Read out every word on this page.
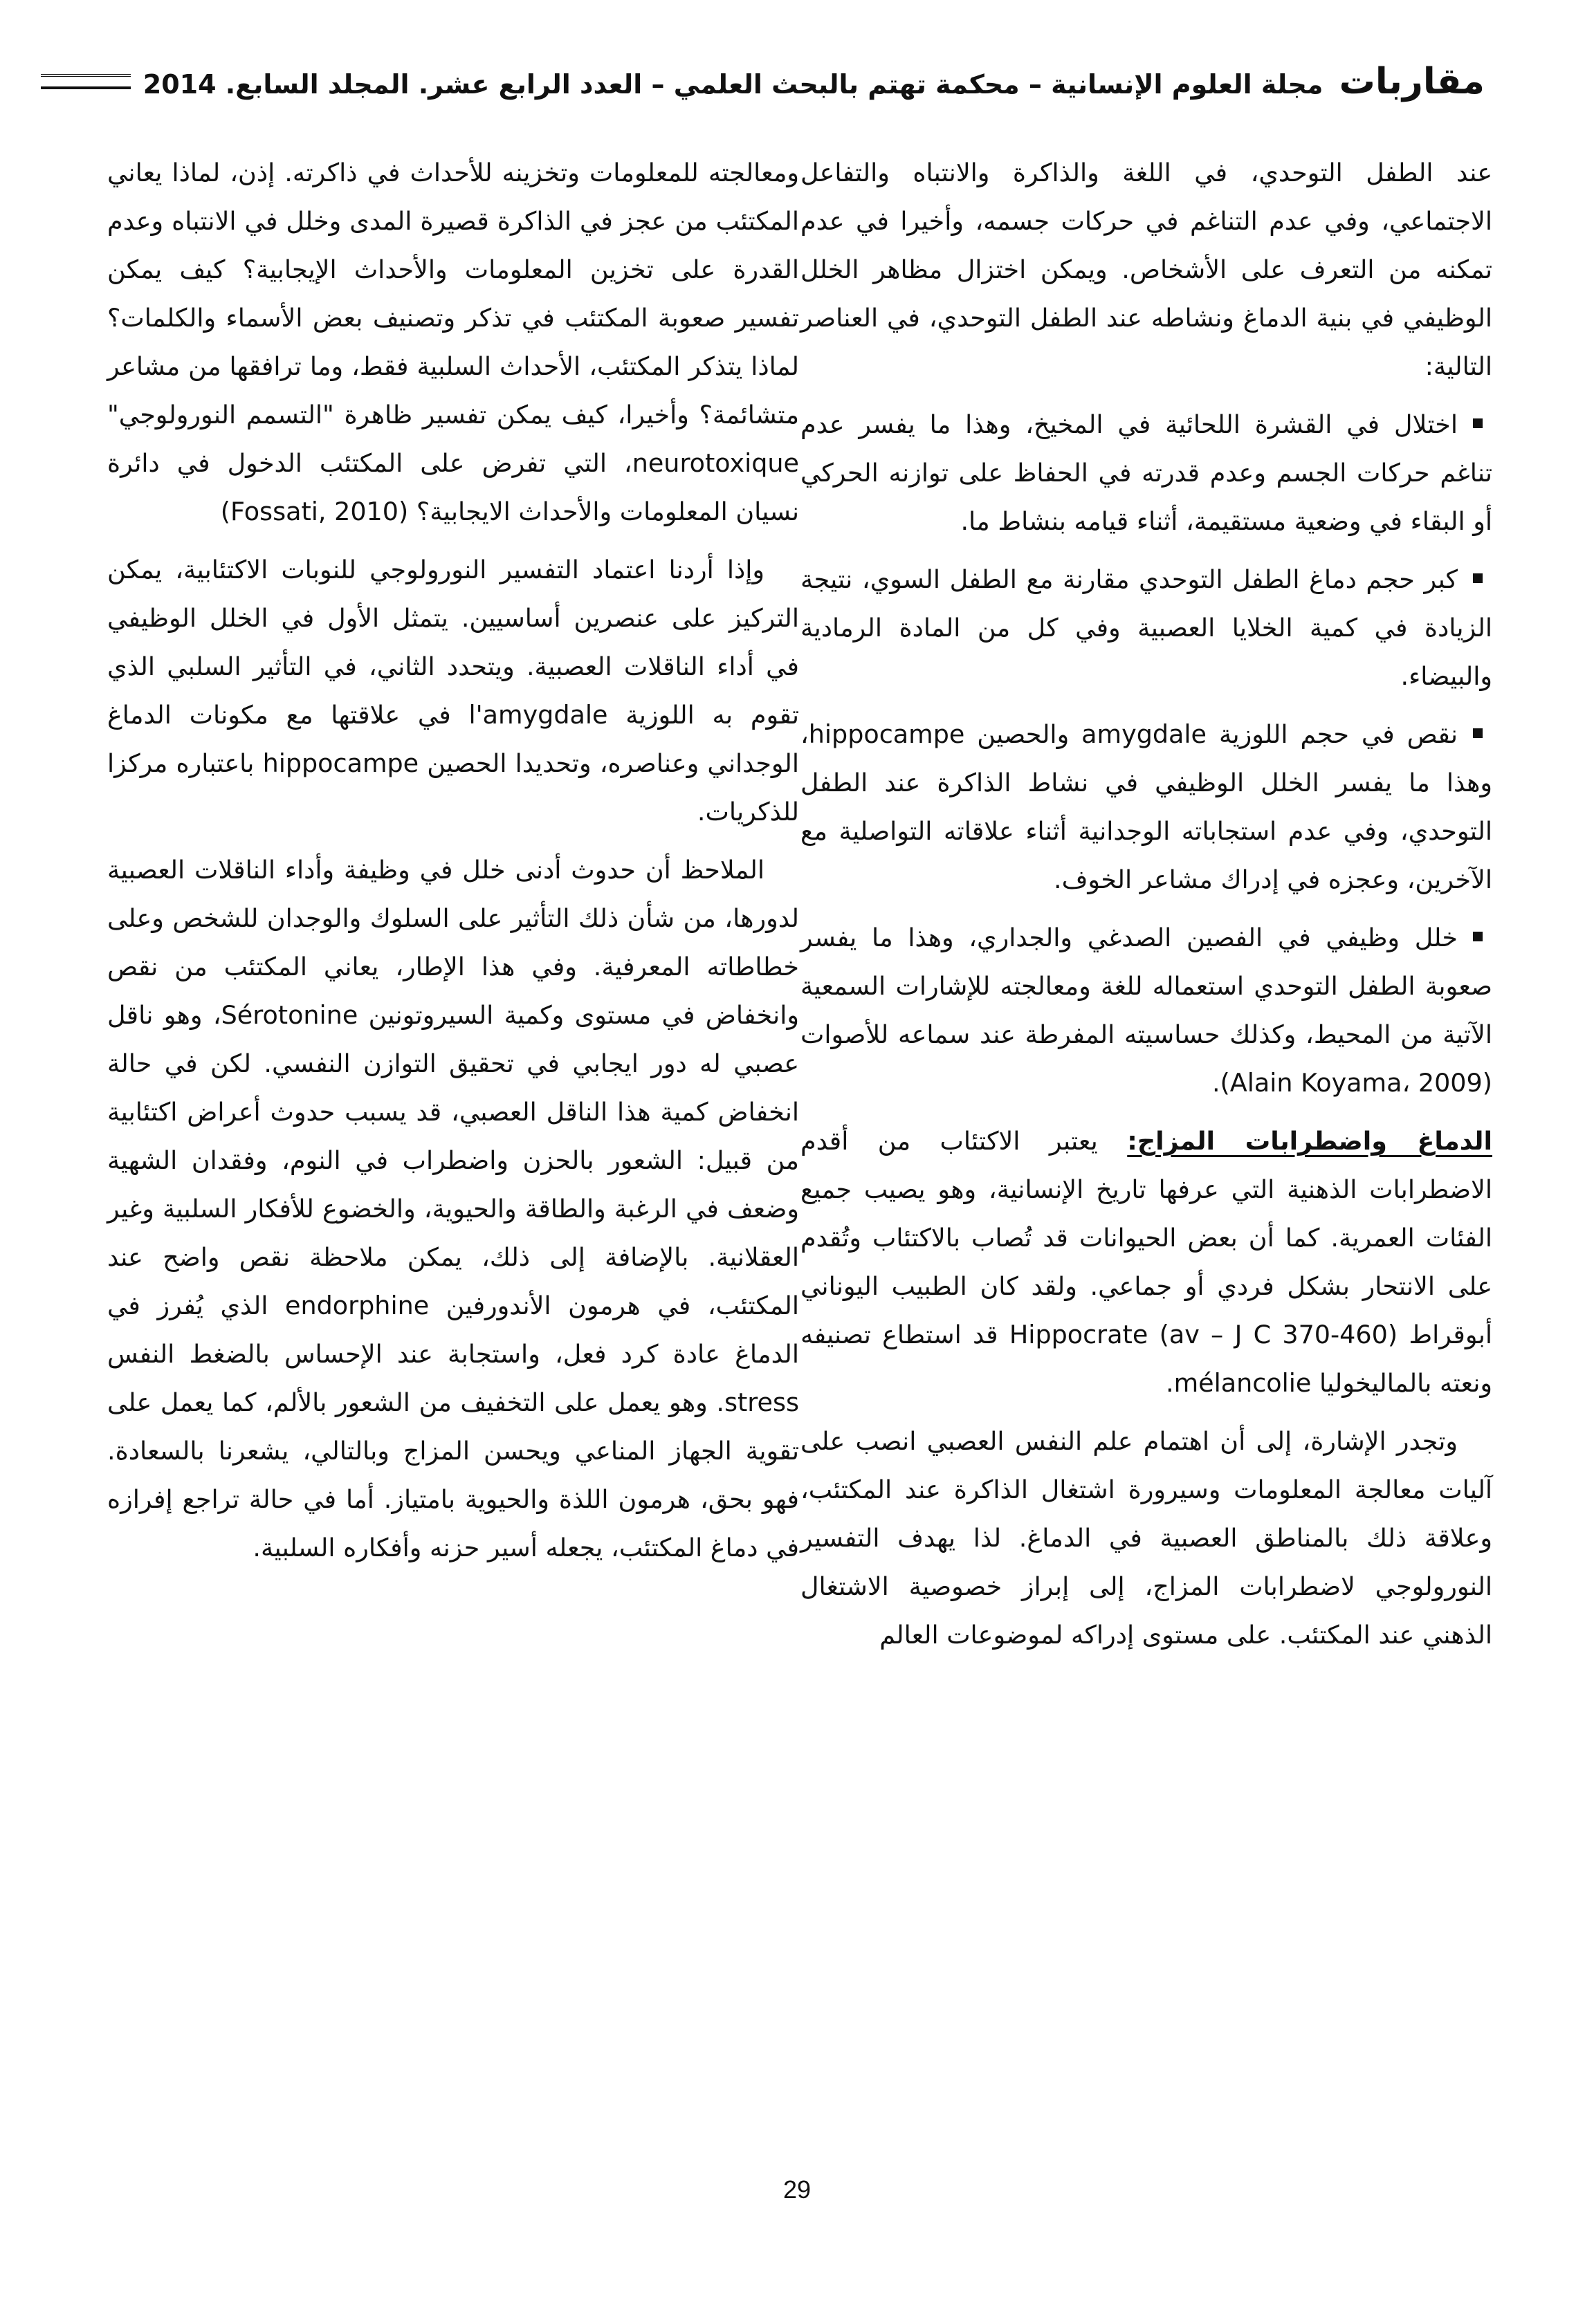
مقاربات مجلة العلوم الإنسانية – محكمة تهتم بالبحث العلمي – العدد الرابع عشر. المجلد السابع. 2014

عند الطفل التوحدي، في اللغة والذاكرة والانتباه والتفاعل الاجتماعي، وفي عدم التناغم في حركات جسمه، وأخيرا في عدم تمكنه من التعرف على الأشخاص. ويمكن اختزال مظاهر الخلل الوظيفي في بنية الدماغ ونشاطه عند الطفل التوحدي، في العناصر التالية:

اختلال في القشرة اللحائية في المخيخ، وهذا ما يفسر عدم تناغم حركات الجسم وعدم قدرته في الحفاظ على توازنه الحركي أو البقاء في وضعية مستقيمة، أثناء قيامه بنشاط ما.

كبر حجم دماغ الطفل التوحدي مقارنة مع الطفل السوي، نتيجة الزيادة في كمية الخلايا العصبية وفي كل من المادة الرمادية والبيضاء.

نقص في حجم اللوزية amygdale والحصين hippocampe، وهذا ما يفسر الخلل الوظيفي في نشاط الذاكرة عند الطفل التوحدي، وفي عدم استجاباته الوجدانية أثناء علاقاته التواصلية مع الآخرين، وعجزه في إدراك مشاعر الخوف.

خلل وظيفي في الفصين الصدغي والجداري، وهذا ما يفسر صعوبة الطفل التوحدي استعماله للغة ومعالجته للإشارات السمعية الآتية من المحيط، وكذلك حساسيته المفرطة عند سماعه للأصوات (Alain Koyama، 2009).

الدماغ واضطرابات المزاج: يعتبر الاكتئاب من أقدم الاضطرابات الذهنية التي عرفها تاريخ الإنسانية، وهو يصيب جميع الفئات العمرية. كما أن بعض الحيوانات قد تُصاب بالاكتئاب وتُقدم على الانتحار بشكل فردي أو جماعي. ولقد كان الطبيب اليوناني أبوقراط Hippocrate (av – J C 370-460) قد استطاع تصنيفه ونعته بالماليخوليا mélancolie.

وتجدر الإشارة، إلى أن اهتمام علم النفس العصبي انصب على آليات معالجة المعلومات وسيرورة اشتغال الذاكرة عند المكتئب، وعلاقة ذلك بالمناطق العصبية في الدماغ. لذا يهدف التفسير النورولوجي لاضطرابات المزاج، إلى إبراز خصوصية الاشتغال الذهني عند المكتئب. على مستوى إدراكه لموضوعات العالم

ومعالجته للمعلومات وتخزينه للأحداث في ذاكرته. إذن، لماذا يعاني المكتئب من عجز في الذاكرة قصيرة المدى وخلل في الانتباه وعدم القدرة على تخزين المعلومات والأحداث الإيجابية؟ كيف يمكن تفسير صعوبة المكتئب في تذكر وتصنيف بعض الأسماء والكلمات؟ لماذا يتذكر المكتئب، الأحداث السلبية فقط، وما ترافقها من مشاعر متشائمة؟ وأخيرا، كيف يمكن تفسير ظاهرة "التسمم النورولوجي" neurotoxique، التي تفرض على المكتئب الدخول في دائرة نسيان المعلومات والأحداث الايجابية؟ (Fossati, 2010)

وإذا أردنا اعتماد التفسير النورولوجي للنوبات الاكتئابية، يمكن التركيز على عنصرين أساسيين. يتمثل الأول في الخلل الوظيفي في أداء الناقلات العصبية. ويتحدد الثاني، في التأثير السلبي الذي تقوم به اللوزية l'amygdale في علاقتها مع مكونات الدماغ الوجداني وعناصره، وتحديدا الحصين hippocampe باعتباره مركزا للذكريات.

الملاحظ أن حدوث أدنى خلل في وظيفة وأداء الناقلات العصبية لدورها، من شأن ذلك التأثير على السلوك والوجدان للشخص وعلى خطاطاته المعرفية. وفي هذا الإطار، يعاني المكتئب من نقص وانخفاض في مستوى وكمية السيروتونين Sérotonine، وهو ناقل عصبي له دور ايجابي في تحقيق التوازن النفسي. لكن في حالة انخفاض كمية هذا الناقل العصبي، قد يسبب حدوث أعراض اكتئابية من قبيل: الشعور بالحزن واضطراب في النوم، وفقدان الشهية وضعف في الرغبة والطاقة والحيوية، والخضوع للأفكار السلبية وغير العقلانية. بالإضافة إلى ذلك، يمكن ملاحظة نقص واضح عند المكتئب، في هرمون الأندورفين endorphine الذي يُفرز في الدماغ عادة كرد فعل، واستجابة عند الإحساس بالضغط النفس stress. وهو يعمل على التخفيف من الشعور بالألم، كما يعمل على تقوية الجهاز المناعي ويحسن المزاج وبالتالي، يشعرنا بالسعادة. فهو بحق، هرمون اللذة والحيوية بامتياز. أما في حالة تراجع إفرازه في دماغ المكتئب، يجعله أسير حزنه وأفكاره السلبية.

29
